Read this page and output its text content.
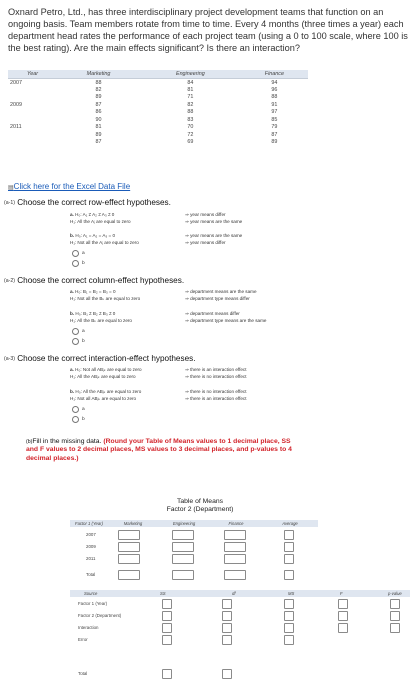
Oxnard Petro, Ltd., has three interdisciplinary project development teams that function on an ongoing basis. Team members rotate from time to time. Every 4 months (three times a year) each department head rates the performance of each project team (using a 0 to 100 scale, where 100 is the best rating). Are the main effects significant? Is there an interaction?
Year	Marketing	Engineering	Finance
2007	88	84	94
	82	81	96
	89	71	88
2009	87	82	91
	86	88	97
	90	83	85
2011	81	70	79
	89	72	87
	87	69	89
▤Click here for the Excel Data File
(a-1) Choose the correct row-effect hypotheses.
a. H₀: A₁ ≠ A₂ ≠ A₃ ≠ 0
H₁: All the Aⱼ are equal to zero
⇒ year means differ
⇒ year means are the same
b. H₀: A₁ = A₂ = A₃ = 0
H₁: Not all the Aⱼ are equal to zero
⇒ year means are the same
⇒ year means differ
a
b
(a-2) Choose the correct column-effect hypotheses.
a. H₀: B₁ = B₂ = B₃ = 0
H₁: Not all the Bₖ are equal to zero
⇒ department means are the same
⇒ department type means differ
b. H₀: B₁ ≠ B₂ ≠ B₃ ≠ 0
H₁: All the Bₖ are equal to zero
⇒ department means differ
⇒ department type means are the same
a
b
(a-3) Choose the correct interaction-effect hypotheses.
a. H₀: Not all ABⱼₖ are equal to zero
H₁: All the ABⱼₖ are equal to zero
⇒ there is an interaction effect
⇒ there is no interaction effect
b. H₀: All the ABⱼₖ are equal to zero
H₁: Not all ABⱼₖ are equal to zero
⇒ there is no interaction effect
⇒ there is an interaction effect
a
b
(b)Fill in the missing data. (Round your Table of Means values to 1 decimal place, SS and F values to 2 decimal places, MS values to 3 decimal places, and p-values to 4 decimal places.)
Table of Means
Factor 2 (Department)
Factor 1 (Year)	Marketing	Engineering	Finance	Average
2007
2009
2011
Total
Source	SS	df	MS	F	p-value
Factor 1 (Year)
Factor 2 (Department)
Interaction
Error
Total
